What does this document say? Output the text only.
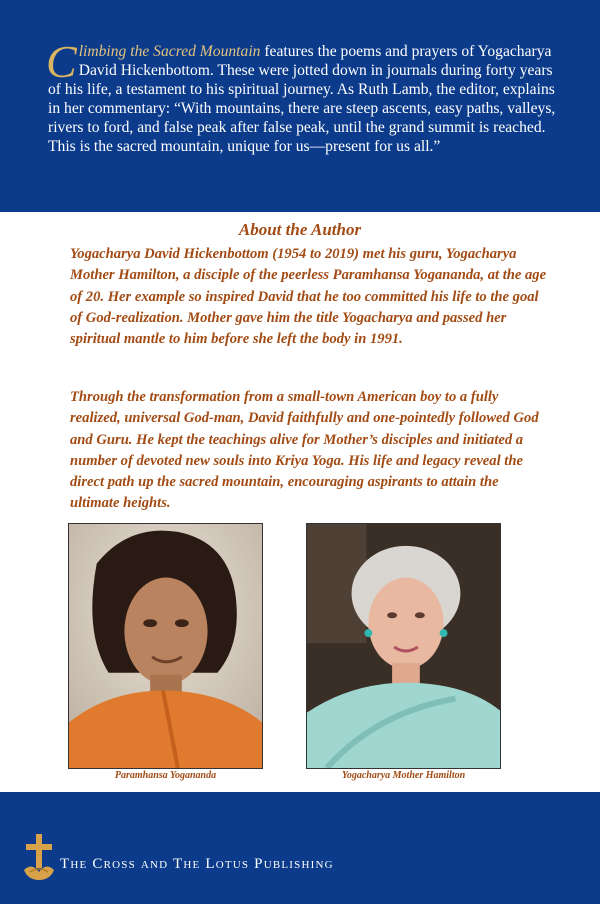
Climbing the Sacred Mountain features the poems and prayers of Yogacharya David Hickenbottom. These were jotted down in journals during forty years of his life, a testament to his spiritual journey. As Ruth Lamb, the editor, explains in her commentary: “With mountains, there are steep ascents, easy paths, valleys, rivers to ford, and false peak after false peak, until the grand summit is reached. This is the sacred mountain, unique for us—present for us all.”
About the Author
Yogacharya David Hickenbottom (1954 to 2019) met his guru, Yogacharya Mother Hamilton, a disciple of the peerless Paramhansa Yogananda, at the age of 20. Her example so inspired David that he too committed his life to the goal of God-realization. Mother gave him the title Yogacharya and passed her spiritual mantle to him before she left the body in 1991.
Through the transformation from a small-town American boy to a fully realized, universal God-man, David faithfully and one-pointedly followed God and Guru. He kept the teachings alive for Mother’s disciples and initiated a number of devoted new souls into Kriya Yoga. His life and legacy reveal the direct path up the sacred mountain, encouraging aspirants to attain the ultimate heights.
Paramhansa Yogananda	Yogacharya Mother Hamilton
The Cross and The Lotus Publishing
